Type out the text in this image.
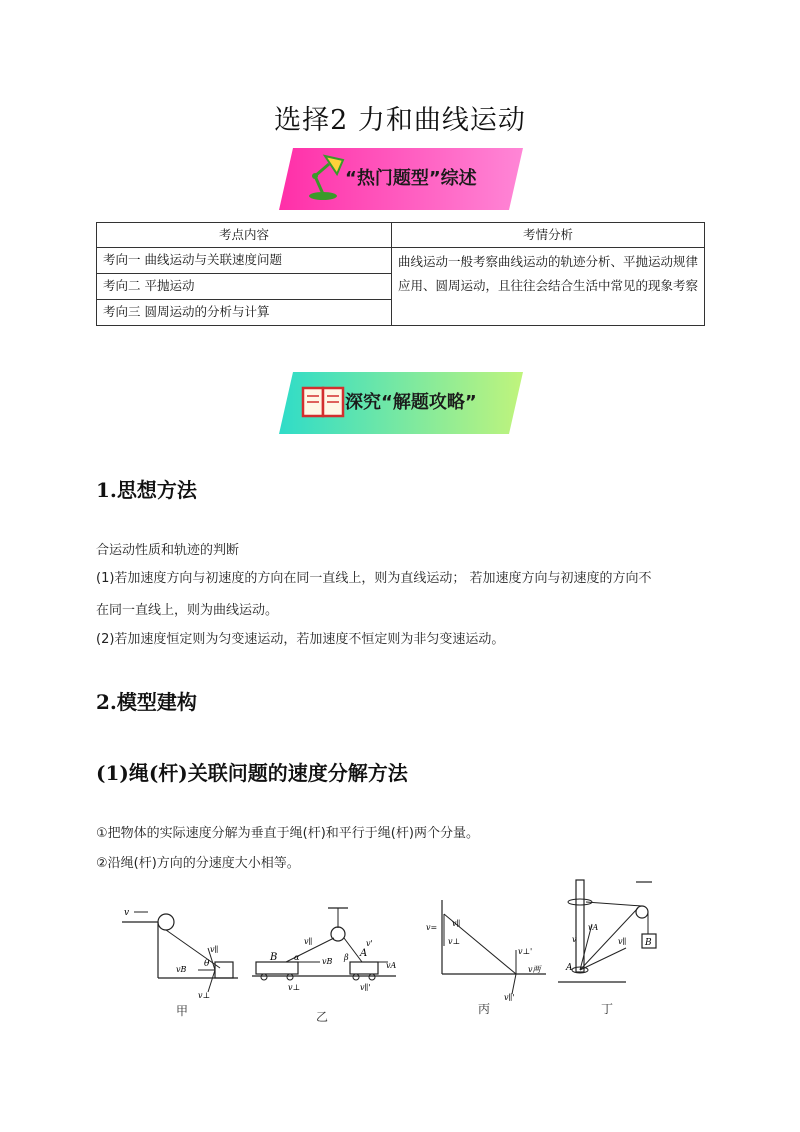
选择2 力和曲线运动
“热门题型”综述
考点内容	考情分析
考向一 曲线运动与关联速度问题	曲线运动一般考察曲线运动的轨迹分析、平抛运动规律应用、圆周运动，且往往会结合生活中常见的现象考察
考向二 平抛运动	
考向三 圆周运动的分析与计算	
深究“解题攻略”
1.思想方法
合运动性质和轨迹的判断
(1)若加速度方向与初速度的方向在同一直线上，则为直线运动； 若加速度方向与初速度的方向不
在同一直线上，则为曲线运动。
(2)若加速度恒定则为匀变速运动，若加速度不恒定则为非匀变速运动。
2.模型建构
(1)绳(杆)关联问题的速度分解方法
①把物体的实际速度分解为垂直于绳(杆)和平行于绳(杆)两个分量。
②沿绳(杆)方向的分速度大小相等。
v
v∥
vB
θ
v⊥
甲
B	A
v∥
α	vB
v⊥
β
v'
vA
v∥'
乙
v∥
v=
v⊥
v⊥'
v两
v∥'
丙
B
A
vA
v∥
v
丁
